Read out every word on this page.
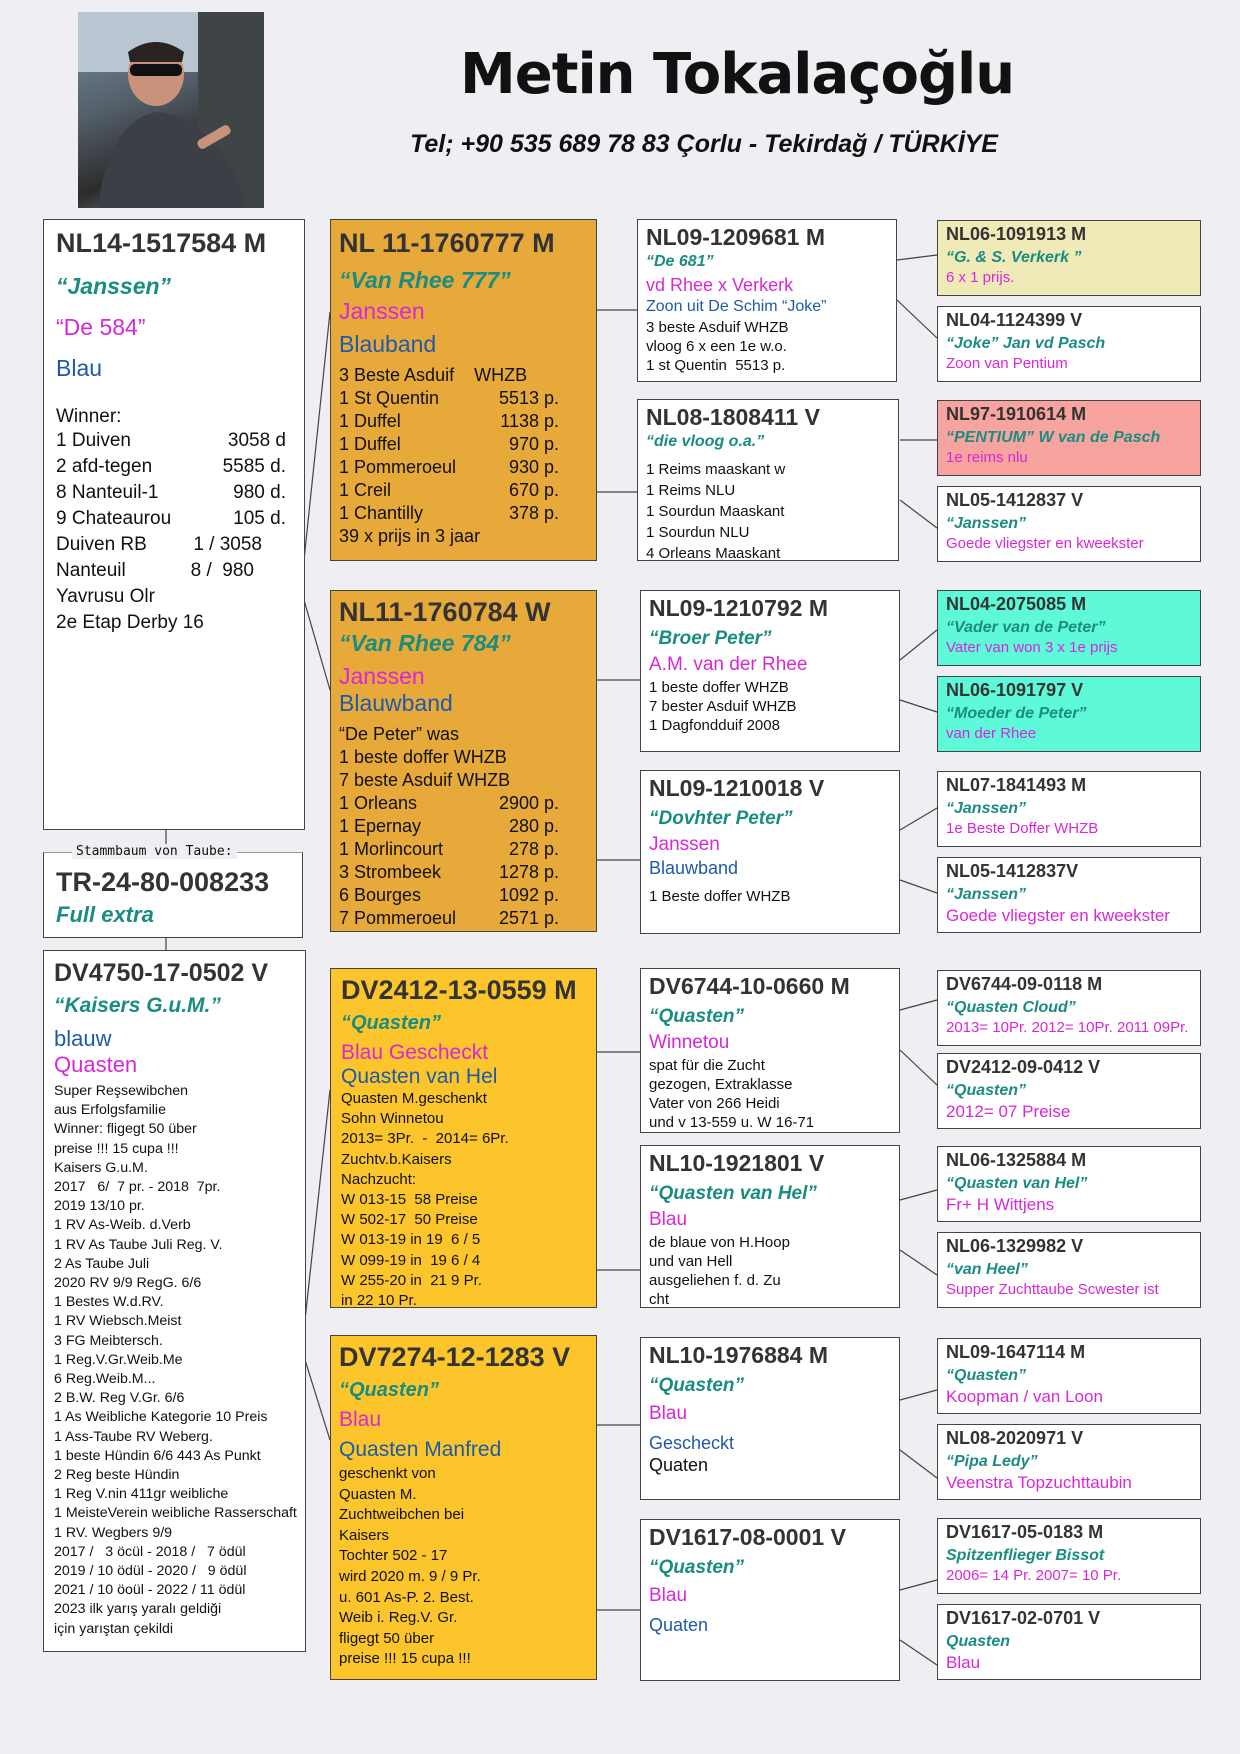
Metin Tokalaçoğlu
Tel; +90 535 689 78 83 Çorlu - Tekirdağ / TÜRKİYE
NL14-1517584 M
“Janssen”
“De 584”
Blau
Winner:
1 Duiven	3058 d
2 afd-tegen	5585 d.
8 Nanteuil-1	980 d.
9 Chateaurou	105 d.
Duiven RB 1 / 3058
Nanteuil	8 /  980
Yavrusu Olr
2e Etap Derby 16
TR-24-80-008233
Full extra
Stammbaum von Taube:
DV4750-17-0502 V
“Kaisers G.u.M.”
blauw
Quasten
Super Reşsewibchen
aus Erfolgsfamilie
Winner: fligegt 50 über
preise !!! 15 cupa !!!
Kaisers G.u.M.
2017   6/  7 pr. - 2018  7pr.
2019 13/10 pr.
1 RV As-Weib. d.Verb
1 RV As Taube Juli Reg. V.
2 As Taube Juli
2020 RV 9/9 RegG. 6/6
1 Bestes W.d.RV.
1 RV Wiebsch.Meist
3 FG Meibtersch.
1 Reg.V.Gr.Weib.Me
6 Reg.Weib.M...
2 B.W. Reg V.Gr. 6/6
1 As Weibliche Kategorie 10 Preis
1 Ass-Taube RV Weberg.
1 beste Hündin 6/6 443 As Punkt
2 Reg beste Hündin
1 Reg V.nin 411gr weibliche
1 MeisteVerein weibliche Rasserschaft
1 RV. Wegbers 9/9
2017 /   3 öcül - 2018 /   7 ödül
2019 / 10 ödül - 2020 /   9 ödül
2021 / 10 öoül - 2022 / 11 ödül
2023 ilk yarış yaralı geldiği
için yarıştan çekildi
NL 11-1760777 M
“Van Rhee 777”
Janssen
Blauband
3 Beste Asduif    WHZB
1 St Quentin	5513 p.
1 Duffel	1138 p.
1 Duffel	970 p.
1 Pommeroeul	930 p.
1 Creil	670 p.
1 Chantilly	378 p.
39 x prijs in 3 jaar
NL11-1760784 W
“Van Rhee 784”
Janssen
Blauwband
“De Peter” was
1 beste doffer WHZB
7 beste Asduif WHZB
1 Orleans	2900 p.
1 Epernay	280 p.
1 Morlincourt	278 p.
3 Strombeek	1278 p.
6 Bourges	1092 p.
7 Pommeroeul 2571 p.
DV2412-13-0559 M
“Quasten”
Blau Gescheckt
Quasten van Hel
Quasten M.geschenkt
Sohn Winnetou
2013= 3Pr.  -  2014= 6Pr.
Zuchtv.b.Kaisers
Nachzucht:
W 013-15  58 Preise
W 502-17  50 Preise
W 013-19 in 19  6 / 5
W 099-19 in  19 6 / 4
W 255-20 in  21 9 Pr.
in 22 10 Pr.
DV7274-12-1283 V
“Quasten”
Blau
Quasten Manfred
geschenkt von
Quasten M.
Zuchtweibchen bei
Kaisers
Tochter 502 - 17
wird 2020 m. 9 / 9 Pr.
u. 601 As-P. 2. Best.
Weib i. Reg.V. Gr.
fligegt 50 über
preise !!! 15 cupa !!!
NL09-1209681 M
“De 681”
vd Rhee x Verkerk
Zoon uit De Schim “Joke”
3 beste Asduif WHZB
vloog 6 x een 1e w.o.
1 st Quentin  5513 p.
NL08-1808411 V
“die vloog o.a.”
1 Reims maaskant w
1 Reims NLU
1 Sourdun Maaskant
1 Sourdun NLU
4 Orleans Maaskant
NL09-1210792 M
“Broer Peter”
A.M. van der Rhee
1 beste doffer WHZB
7 bester Asduif WHZB
1 Dagfondduif 2008
NL09-1210018 V
“Dovhter Peter”
Janssen
Blauwband
1 Beste doffer WHZB
DV6744-10-0660 M
“Quasten”
Winnetou
spat für die Zucht
gezogen, Extraklasse
Vater von 266 Heidi
und v 13-559 u. W 16-71
NL10-1921801 V
“Quasten van Hel”
Blau
de blaue von H.Hoop
und van Hell
ausgeliehen f. d. Zu
cht
NL10-1976884 M
“Quasten”
Blau
Gescheckt
Quaten
DV1617-08-0001 V
“Quasten”
Blau
Quaten
NL06-1091913 M
“G. & S. Verkerk ”
6 x 1 prijs.
NL04-1124399 V
“Joke” Jan vd Pasch
Zoon van Pentium
NL97-1910614 M
“PENTIUM” W van de Pasch
1e reims nlu
NL05-1412837 V
“Janssen”
Goede vliegster en kweekster
NL04-2075085 M
“Vader van de Peter”
Vater van won 3 x 1e prijs
NL06-1091797 V
“Moeder de Peter”
van der Rhee
NL07-1841493 M
“Janssen”
1e Beste Doffer WHZB
NL05-1412837V
“Janssen”
Goede vliegster en kweekster
DV6744-09-0118 M
“Quasten Cloud”
2013= 10Pr. 2012= 10Pr. 2011 09Pr.
DV2412-09-0412 V
“Quasten”
2012= 07 Preise
NL06-1325884 M
“Quasten van Hel”
Fr+ H Wittjens
NL06-1329982 V
“van Heel”
Supper Zuchttaube Scwester ist
NL09-1647114 M
“Quasten”
Koopman / van Loon
NL08-2020971 V
“Pipa Ledy”
Veenstra Topzuchttaubin
DV1617-05-0183 M
Spitzenflieger Bissot
2006= 14 Pr. 2007= 10 Pr.
DV1617-02-0701 V
Quasten
Blau
